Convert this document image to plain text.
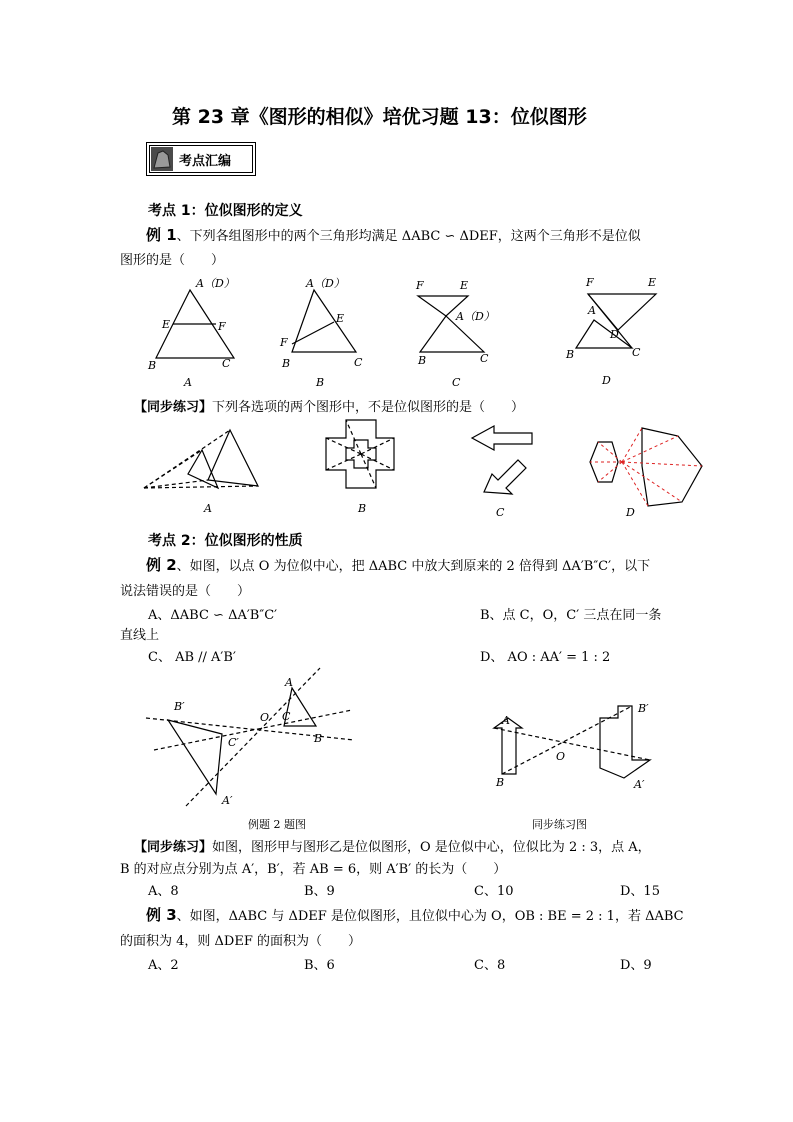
第 23 章《图形的相似》培优习题 13：位似图形
考点汇编
考点 1：位似图形的定义
例 1、下列各组图形中的两个三角形均满足 ΔABC ∽ ΔDEF，这两个三角形不是位似
图形的是（　　）
A（D）
E	F
B	C
A
A（D）
E
F
B	C
B
F	E
A（D）
B	C
C
F	E
A
D
B	C
D
【同步练习】下列各选项的两个图形中，不是位似图形的是（　　）
A	B	C	D
考点 2：位似图形的性质
例 2、如图，以点 O 为位似中心，把 ΔABC 中放大到原来的 2 倍得到 ΔA′B″C′，以下
说法错误的是（　　）
A、ΔABC ∽ ΔA′B″C′	B、点 C，O，C′ 三点在同一条
直线上
C、 AB // A′B′	D、 AO : AA′ = 1 : 2
B′
A
O C
C′	B
A′
例题 2 题图
A
B
O
B′
A′
同步练习图
【同步练习】如图，图形甲与图形乙是位似图形，O 是位似中心，位似比为 2 : 3，点 A，
B 的对应点分别为点 A′，B′，若 AB = 6，则 A′B′ 的长为（　　）
A、8	B、9	C、10	D、15
例 3、如图，ΔABC 与 ΔDEF 是位似图形，且位似中心为 O，OB : BE = 2 : 1，若 ΔABC
的面积为 4，则 ΔDEF 的面积为（　　）
A、2	B、6	C、8	D、9
